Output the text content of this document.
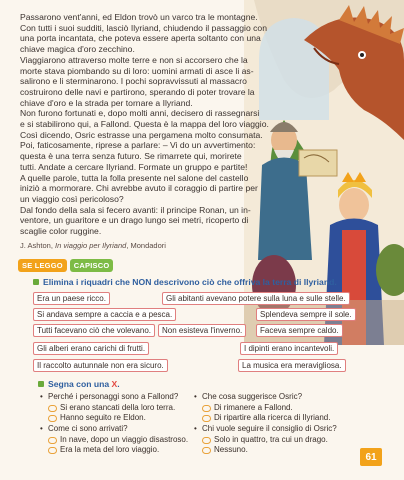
Passarono vent'anni, ed Eldon trovò un varco tra le montagne.
Con tutti i suoi sudditi, lasciò Ilyriand, chiudendo il passaggio con
una porta incantata, che poteva essere aperta soltanto con una
chiave magica d'oro zecchino.
Viaggiarono attraverso molte terre e non si accorsero che la
morte stava piombando su di loro: uomini armati di asce li as-
salirono e li sterminarono. I pochi sopravvissuti al massacro
costruirono delle navi e partirono, sperando di poter trovare la
chiave d'oro e la strada per tornare a Ilyriand.
Non furono fortunati e, dopo molti anni, decisero di rassegnarsi
e si stabilirono qui, a Fallond. Questa è la mappa del loro viaggio.
Così dicendo, Osric estrasse una pergamena molto consumata.
Poi, faticosamente, riprese a parlare: – Vi do un avvertimento:
questa è una terra senza futuro. Se rimarrete qui, morirete
tutti. Andate a cercare Ilyriand. Formate un gruppo e partite!
A quelle parole, tutta la folla presente nel salone del castello
iniziò a mormorare. Chi avrebbe avuto il coraggio di partire per
un viaggio così pericoloso?
Dal fondo della sala si fecero avanti: il principe Ronan, un in-
ventore, un guaritore e un drago lungo sei metri, ricoperto di
scaglie color ruggine.

J. Ashton, In viaggio per Ilyriand, Mondadori
SE LEGGO	CAPISCO
Elimina i riquadri che NON descrivono ciò che offriva la terra di Ilyriand.
Era un paese ricco.	Gli abitanti avevano potere sulla luna e sulle stelle.
Si andava sempre a caccia e a pesca.	Splendeva sempre il sole.
Tutti facevano ciò che volevano.	Non esisteva l'inverno.	Faceva sempre caldo.
Gli alberi erano carichi di frutti.	I dipinti erano incantevoli.
Il raccolto autunnale non era sicuro.	La musica era meravigliosa.
Segna con una X.
• Perché i personaggi sono a Fallond?
Si erano stancati della loro terra.
Hanno seguito re Eldon.
• Come ci sono arrivati?
In nave, dopo un viaggio disastroso.
Era la meta del loro viaggio.
• Che cosa suggerisce Osric?
Di rimanere a Fallond.
Di ripartire alla ricerca di Ilyriand.
• Chi vuole seguire il consiglio di Osric?
Solo in quattro, tra cui un drago.
Nessuno.
61
